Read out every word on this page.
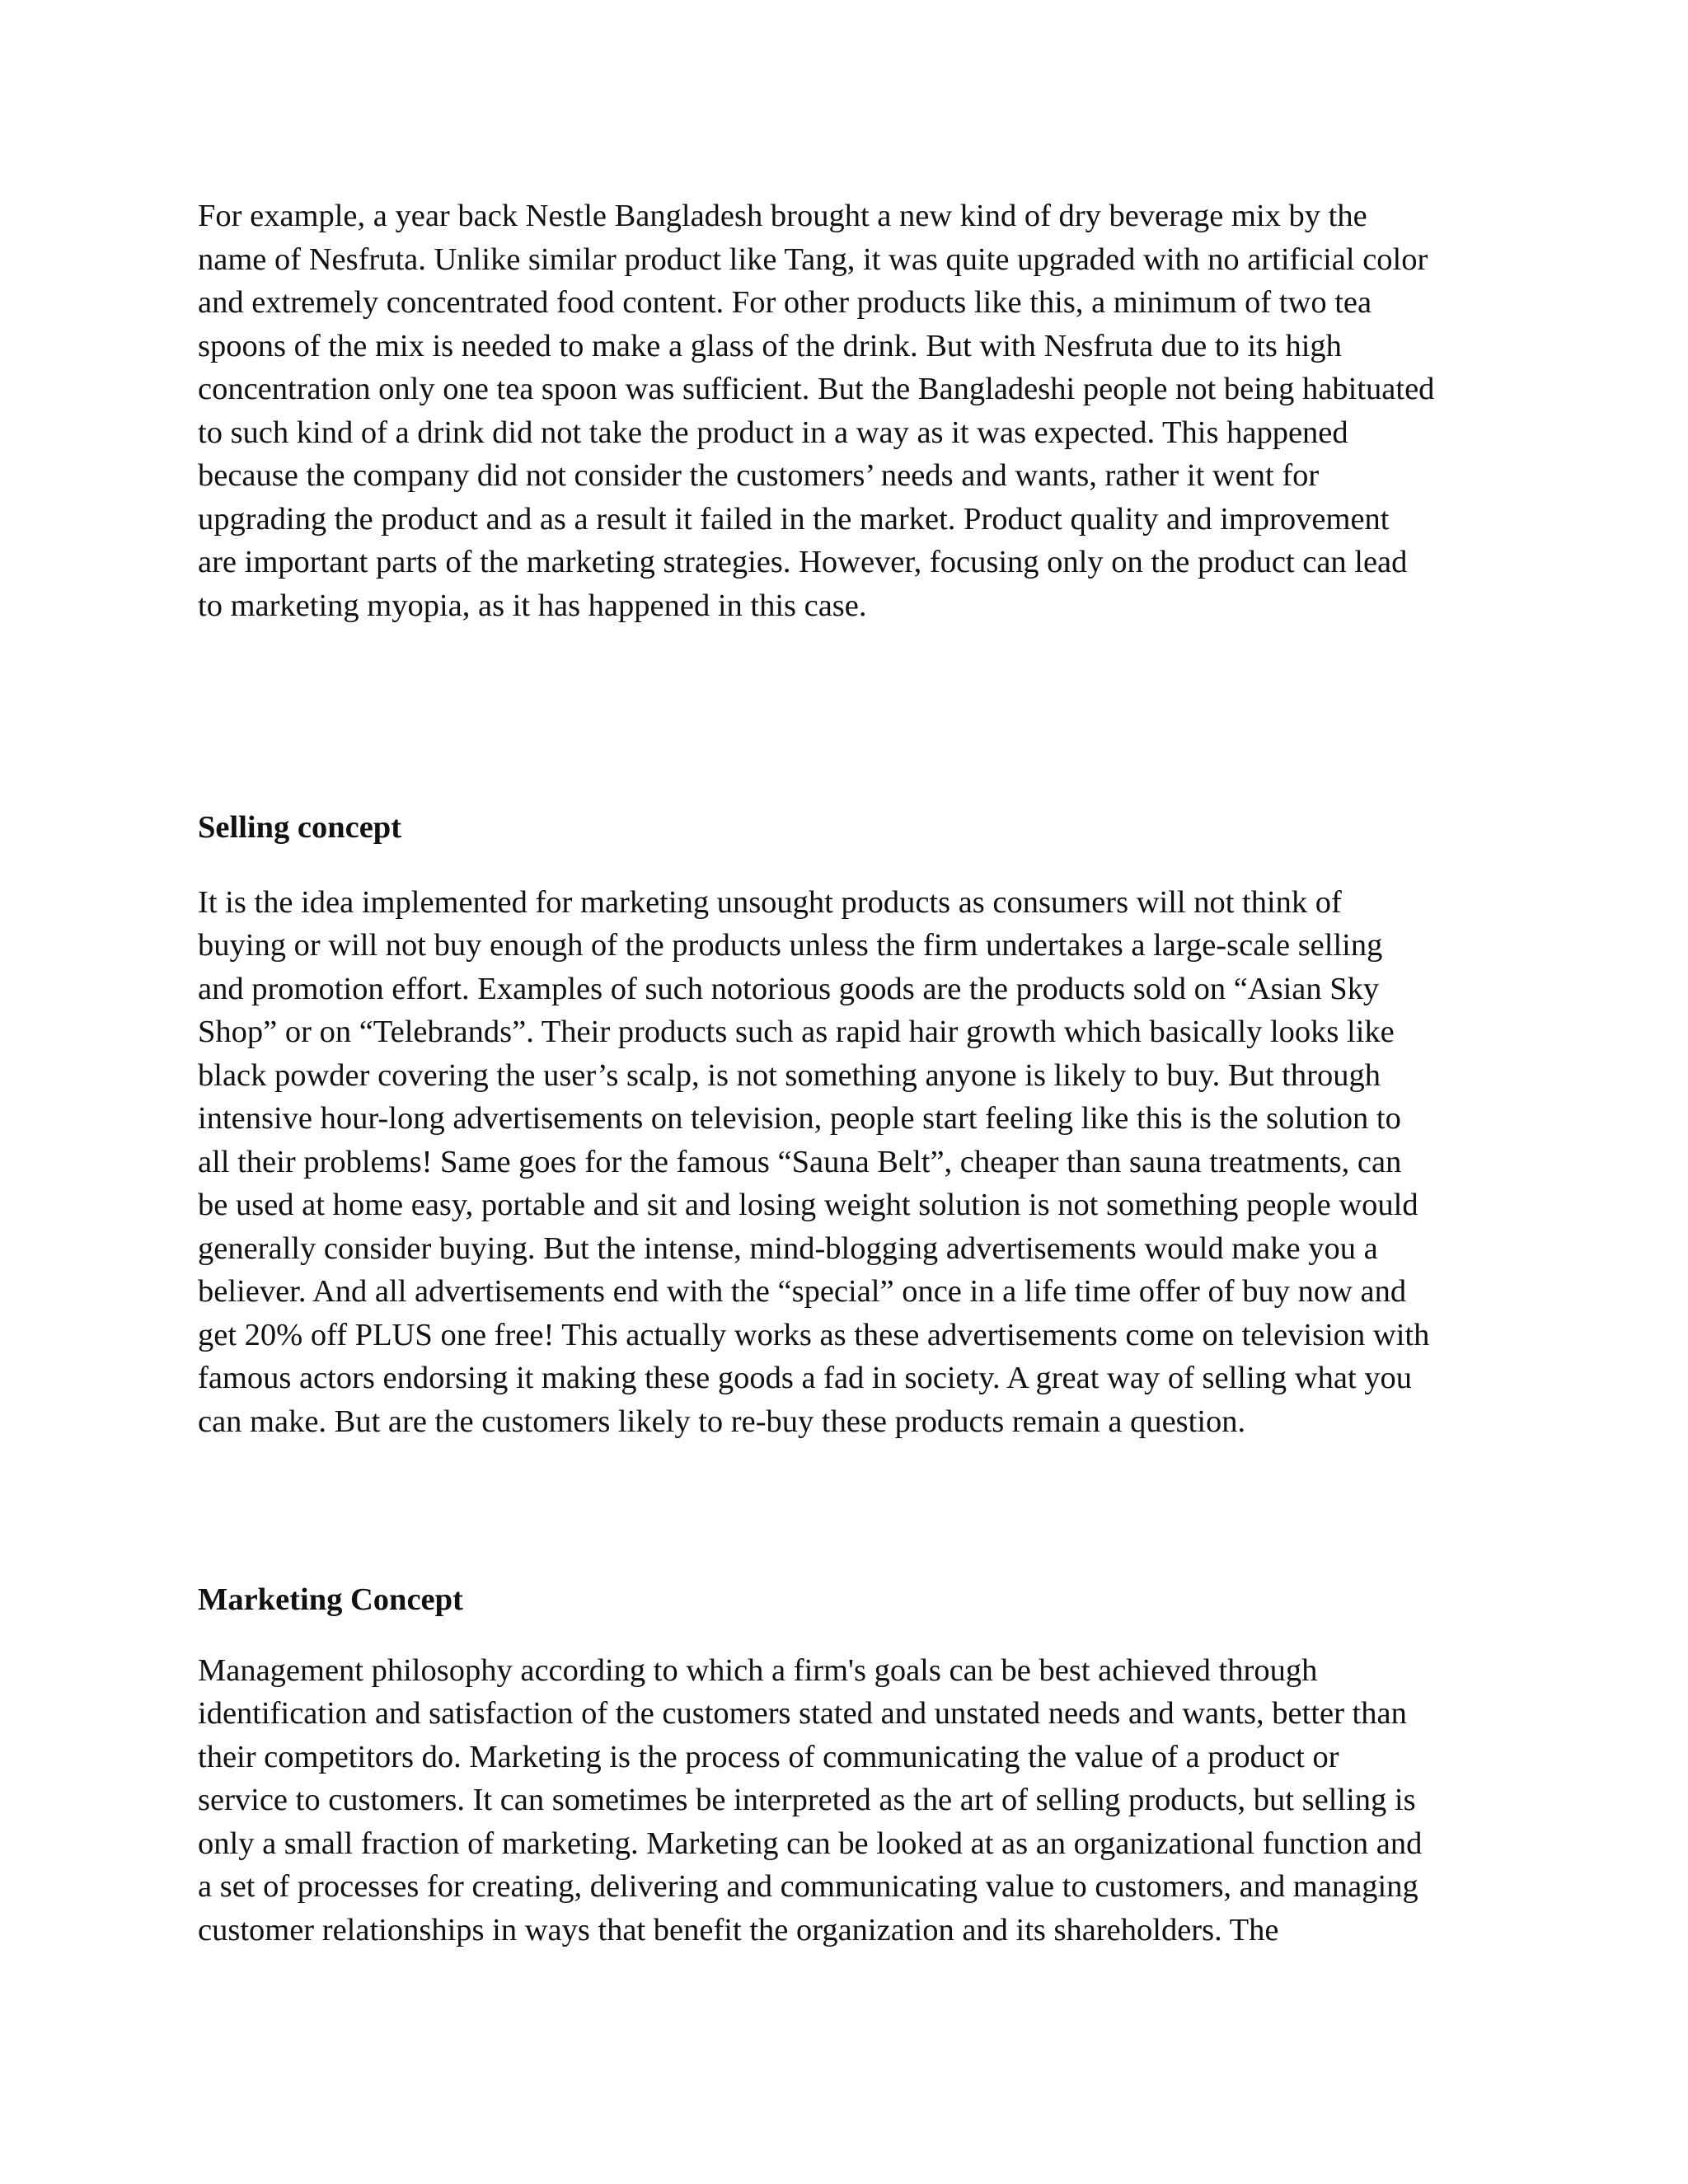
For example, a year back Nestle Bangladesh brought a new kind of dry beverage mix by the
name of Nesfruta. Unlike similar product like Tang, it was quite upgraded with no artificial color
and extremely concentrated food content. For other products like this, a minimum of two tea
spoons of the mix is needed to make a glass of the drink. But with Nesfruta due to its high
concentration only one tea spoon was sufficient. But the Bangladeshi people not being habituated
to such kind of a drink did not take the product in a way as it was expected. This happened
because the company did not consider the customers’ needs and wants, rather it went for
upgrading the product and as a result it failed in the market. Product quality and improvement
are important parts of the marketing strategies. However, focusing only on the product can lead
to marketing myopia, as it has happened in this case.

Selling concept

It is the idea implemented for marketing unsought products as consumers will not think of
buying or will not buy enough of the products unless the firm undertakes a large-scale selling
and promotion effort. Examples of such notorious goods are the products sold on “Asian Sky
Shop” or on “Telebrands”. Their products such as rapid hair growth which basically looks like
black powder covering the user’s scalp, is not something anyone is likely to buy. But through
intensive hour-long advertisements on television, people start feeling like this is the solution to
all their problems! Same goes for the famous “Sauna Belt”, cheaper than sauna treatments, can
be used at home easy, portable and sit and losing weight solution is not something people would
generally consider buying. But the intense, mind-blogging advertisements would make you a
believer. And all advertisements end with the “special” once in a life time offer of buy now and
get 20% off PLUS one free! This actually works as these advertisements come on television with
famous actors endorsing it making these goods a fad in society. A great way of selling what you
can make. But are the customers likely to re-buy these products remain a question.

Marketing Concept

Management philosophy according to which a firm's goals can be best achieved through
identification and satisfaction of the customers stated and unstated needs and wants, better than
their competitors do. Marketing is the process of communicating the value of a product or
service to customers. It can sometimes be interpreted as the art of selling products, but selling is
only a small fraction of marketing. Marketing can be looked at as an organizational function and
a set of processes for creating, delivering and communicating value to customers, and managing
customer relationships in ways that benefit the organization and its shareholders. The
